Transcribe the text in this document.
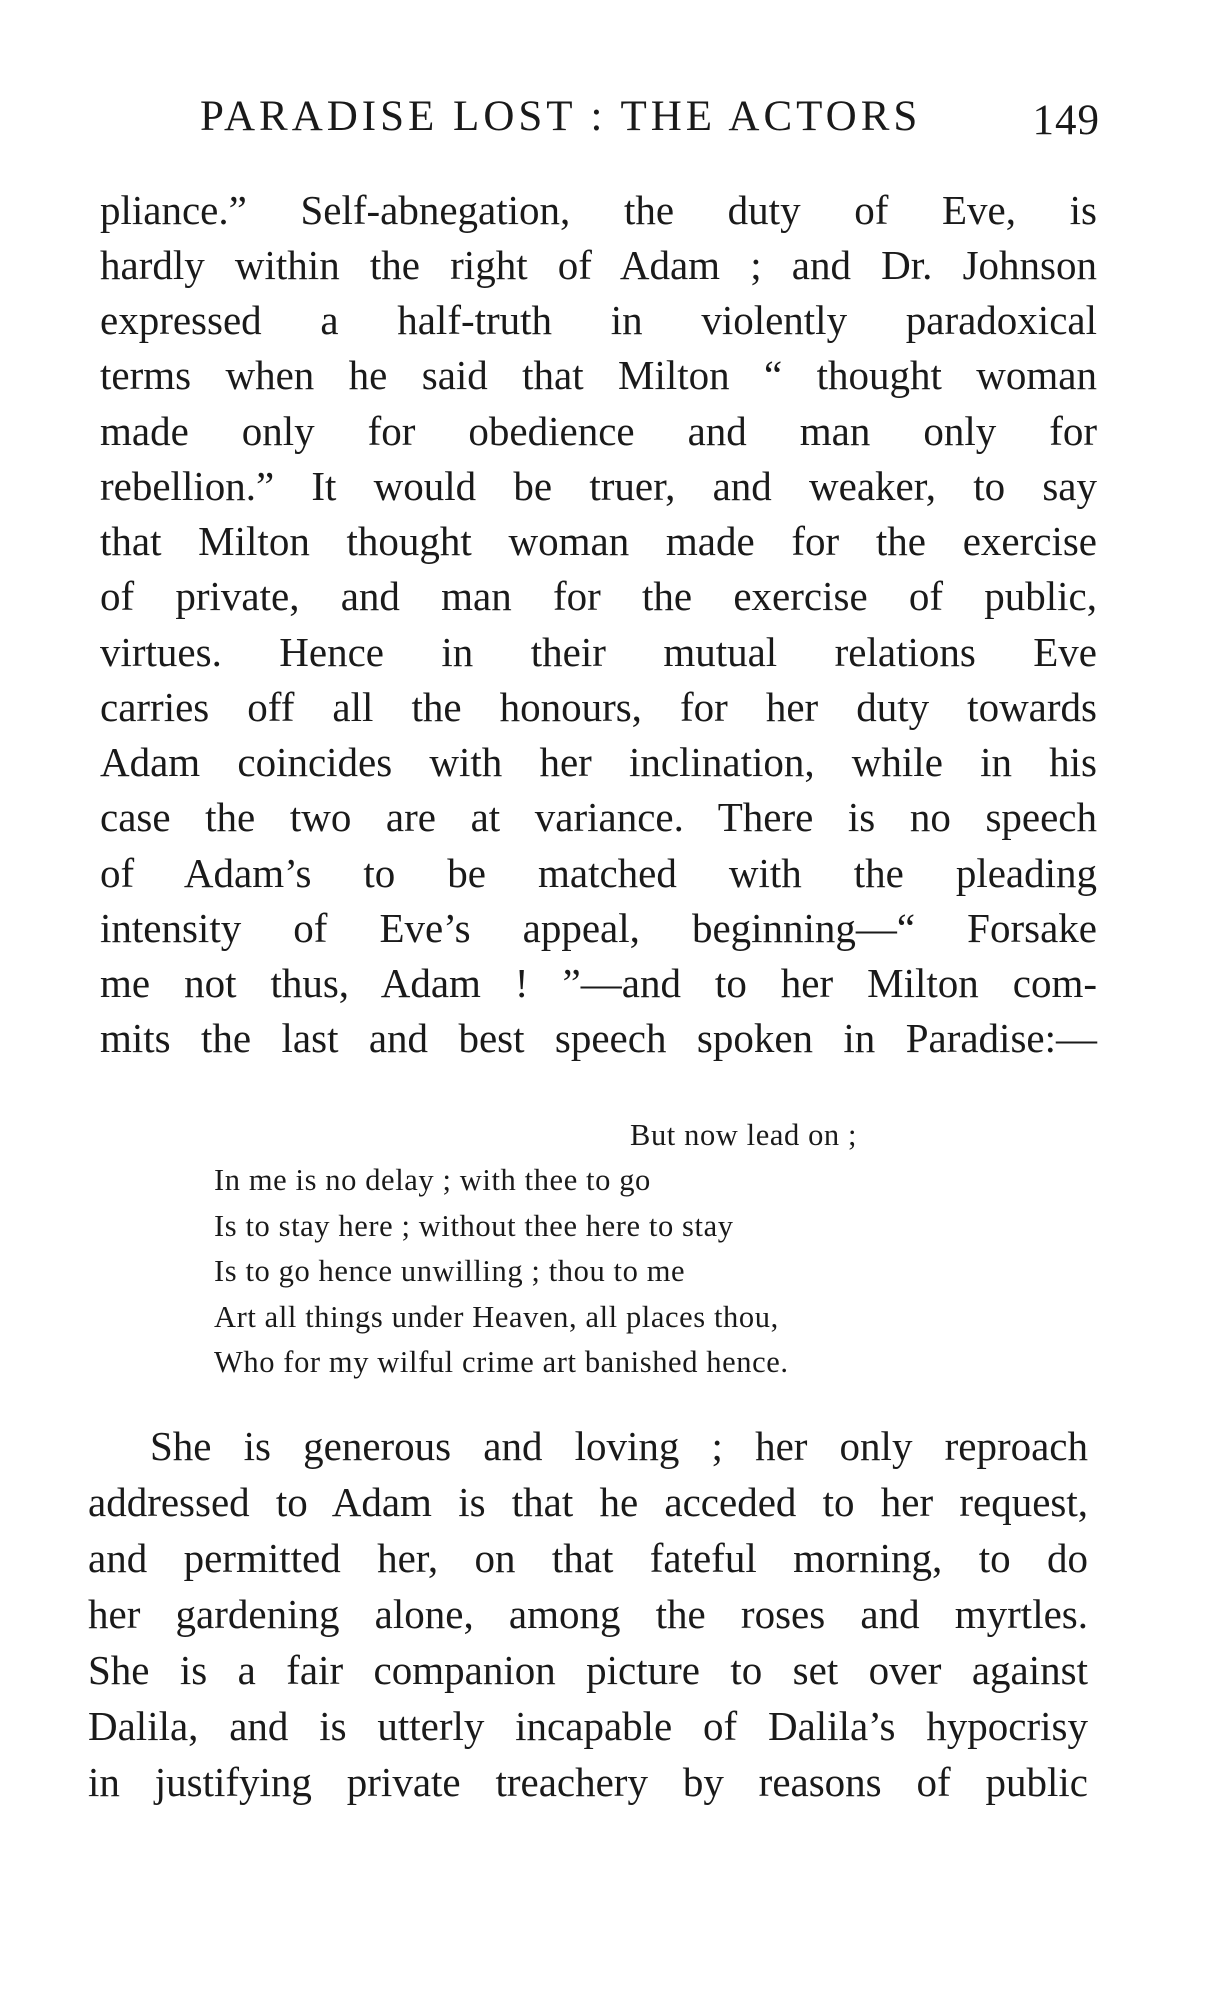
PARADISE LOST : THE ACTORS	149
pliance.” Self-abnegation, the duty of Eve, is
hardly within the right of Adam ; and Dr. Johnson
expressed a half-truth in violently paradoxical
terms when he said that Milton “ thought woman
made only for obedience and man only for
rebellion.” It would be truer, and weaker, to say
that Milton thought woman made for the exercise
of private, and man for the exercise of public,
virtues. Hence in their mutual relations Eve
carries off all the honours, for her duty towards
Adam coincides with her inclination, while in his
case the two are at variance. There is no speech
of Adam’s to be matched with the pleading
intensity of Eve’s appeal, beginning—“ Forsake
me not thus, Adam ! ”—and to her Milton com-
mits the last and best speech spoken in Paradise:—
But now lead on ;
In me is no delay ; with thee to go
Is to stay here ; without thee here to stay
Is to go hence unwilling ; thou to me
Art all things under Heaven, all places thou,
Who for my wilful crime art banished hence.
She is generous and loving ; her only reproach
addressed to Adam is that he acceded to her request,
and permitted her, on that fateful morning, to do
her gardening alone, among the roses and myrtles.
She is a fair companion picture to set over against
Dalila, and is utterly incapable of Dalila’s hypocrisy
in justifying private treachery by reasons of public
